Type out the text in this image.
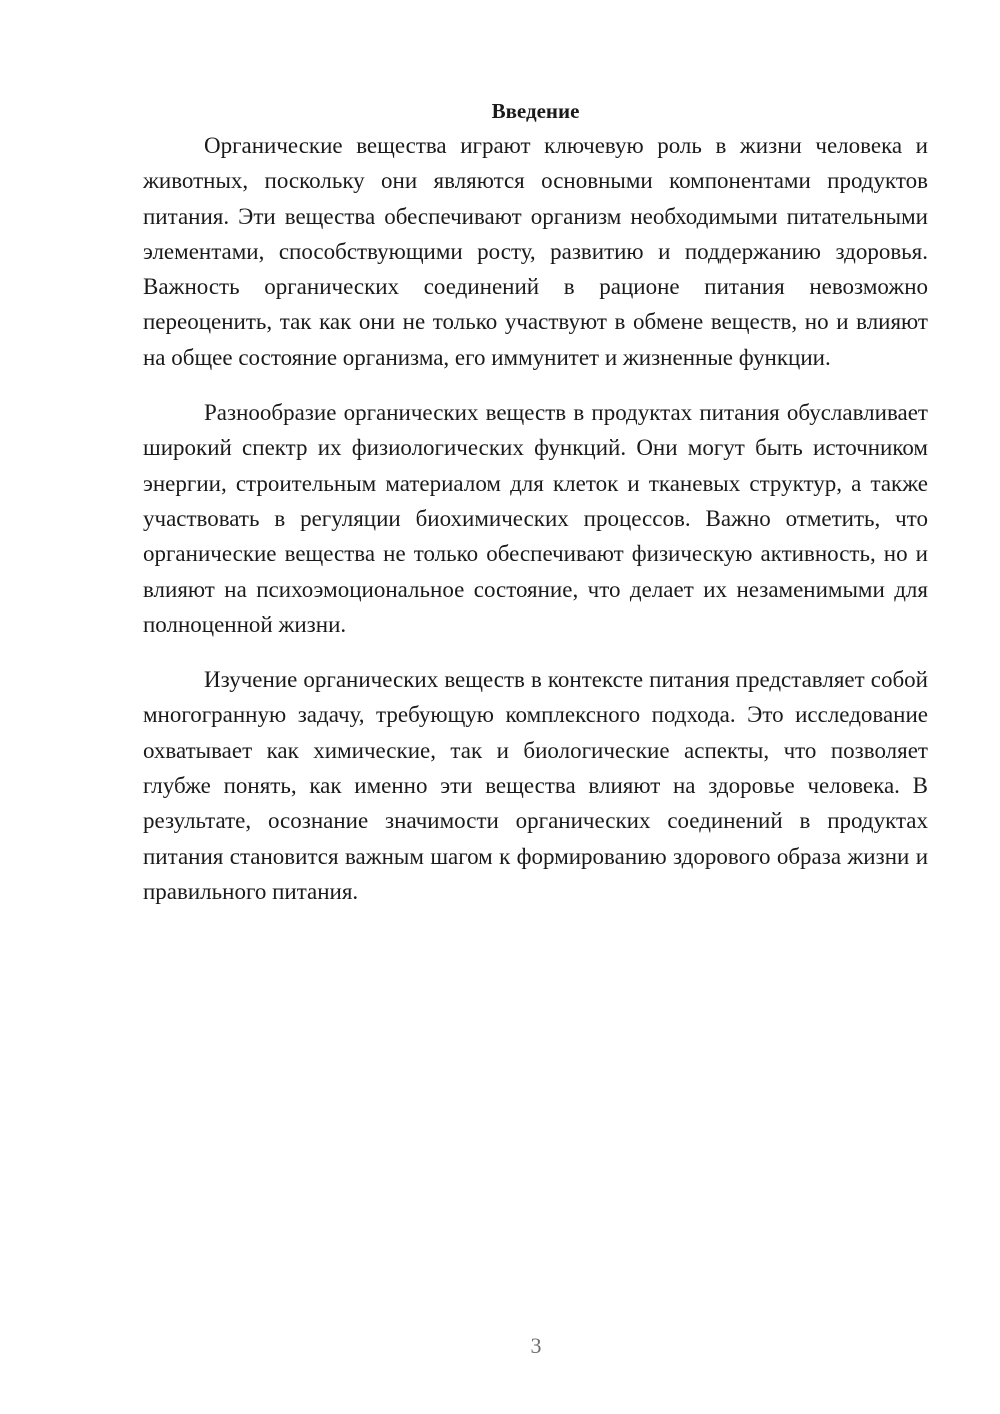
Введение

Органические вещества играют ключевую роль в жизни человека и животных, поскольку они являются основными компонентами продуктов питания. Эти вещества обеспечивают организм необходимыми питательными элементами, способствующими росту, развитию и поддержанию здоровья. Важность органических соединений в рационе питания невозможно переоценить, так как они не только участвуют в обмене веществ, но и влияют на общее состояние организма, его иммунитет и жизненные функции.

Разнообразие органических веществ в продуктах питания обуславливает широкий спектр их физиологических функций. Они могут быть источником энергии, строительным материалом для клеток и тканевых структур, а также участвовать в регуляции биохимических процессов. Важно отметить, что органические вещества не только обеспечивают физическую активность, но и влияют на психоэмоциональное состояние, что делает их незаменимыми для полноценной жизни.

Изучение органических веществ в контексте питания представляет собой многогранную задачу, требующую комплексного подхода. Это исследование охватывает как химические, так и биологические аспекты, что позволяет глубже понять, как именно эти вещества влияют на здоровье человека. В результате, осознание значимости органических соединений в продуктах питания становится важным шагом к формированию здорового образа жизни и правильного питания.

3
